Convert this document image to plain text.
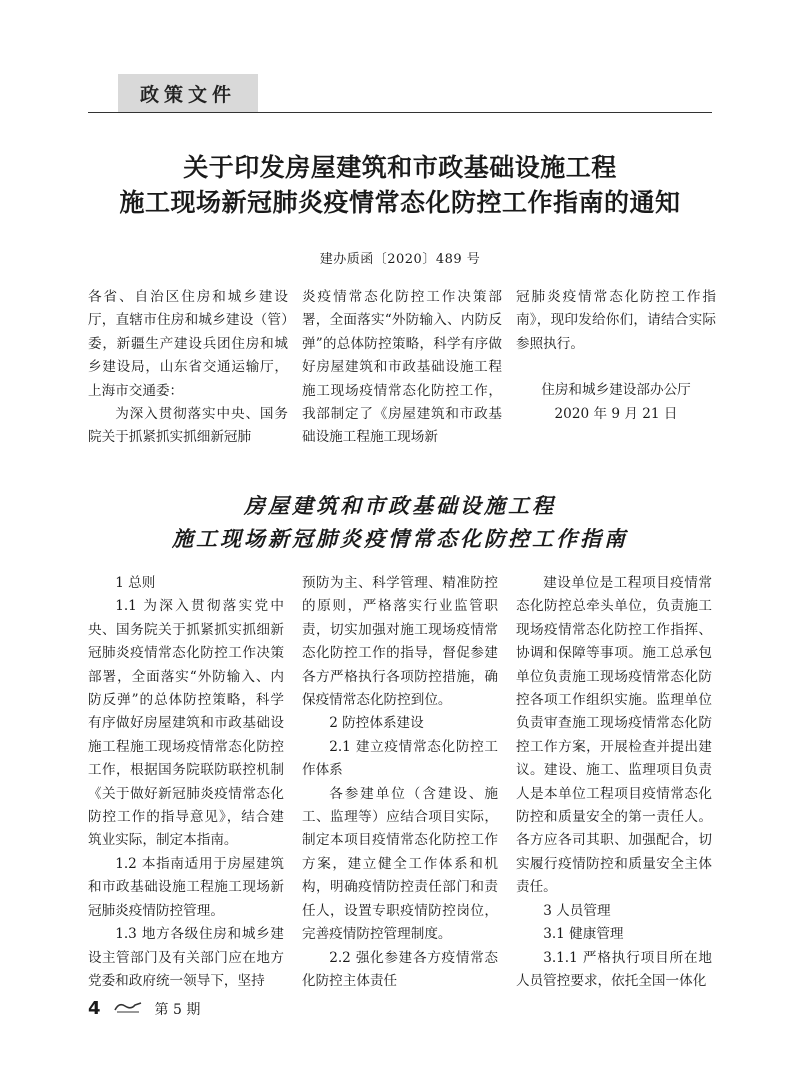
政策文件
关于印发房屋建筑和市政基础设施工程
施工现场新冠肺炎疫情常态化防控工作指南的通知
建办质函〔2020〕489 号

各省、自治区住房和城乡建设厅，直辖市住房和城乡建设（管）委，新疆生产建设兵团住房和城乡建设局，山东省交通运输厅，上海市交通委：

为深入贯彻落实中央、国务院关于抓紧抓实抓细新冠肺

炎疫情常态化防控工作决策部署，全面落实“外防输入、内防反弹”的总体防控策略，科学有序做好房屋建筑和市政基础设施工程施工现场疫情常态化防控工作，我部制定了《房屋建筑和市政基础设施工程施工现场新

冠肺炎疫情常态化防控工作指南》，现印发给你们，请结合实际参照执行。

住房和城乡建设部办公厅

2020 年 9 月 21 日

房屋建筑和市政基础设施工程
施工现场新冠肺炎疫情常态化防控工作指南

1 总则

1.1 为深入贯彻落实党中央、国务院关于抓紧抓实抓细新冠肺炎疫情常态化防控工作决策部署，全面落实“外防输入、内防反弹”的总体防控策略，科学有序做好房屋建筑和市政基础设施工程施工现场疫情常态化防控工作，根据国务院联防联控机制《关于做好新冠肺炎疫情常态化防控工作的指导意见》，结合建筑业实际，制定本指南。

1.2 本指南适用于房屋建筑和市政基础设施工程施工现场新冠肺炎疫情防控管理。

1.3 地方各级住房和城乡建设主管部门及有关部门应在地方党委和政府统一领导下，坚持

预防为主、科学管理、精准防控的原则，严格落实行业监管职责，切实加强对施工现场疫情常态化防控工作的指导，督促参建各方严格执行各项防控措施，确保疫情常态化防控到位。

2 防控体系建设

2.1 建立疫情常态化防控工作体系

各参建单位（含建设、施工、监理等）应结合项目实际，制定本项目疫情常态化防控工作方案，建立健全工作体系和机构，明确疫情防控责任部门和责任人，设置专职疫情防控岗位，完善疫情防控管理制度。

2.2 强化参建各方疫情常态化防控主体责任

建设单位是工程项目疫情常态化防控总牵头单位，负责施工现场疫情常态化防控工作指挥、协调和保障等事项。施工总承包单位负责施工现场疫情常态化防控各项工作组织实施。监理单位负责审查施工现场疫情常态化防控工作方案，开展检查并提出建议。建设、施工、监理项目负责人是本单位工程项目疫情常态化防控和质量安全的第一责任人。各方应各司其职、加强配合，切实履行疫情防控和质量安全主体责任。

3 人员管理

3.1 健康管理

3.1.1 严格执行项目所在地人员管控要求，依托全国一体化

4	第 5 期
